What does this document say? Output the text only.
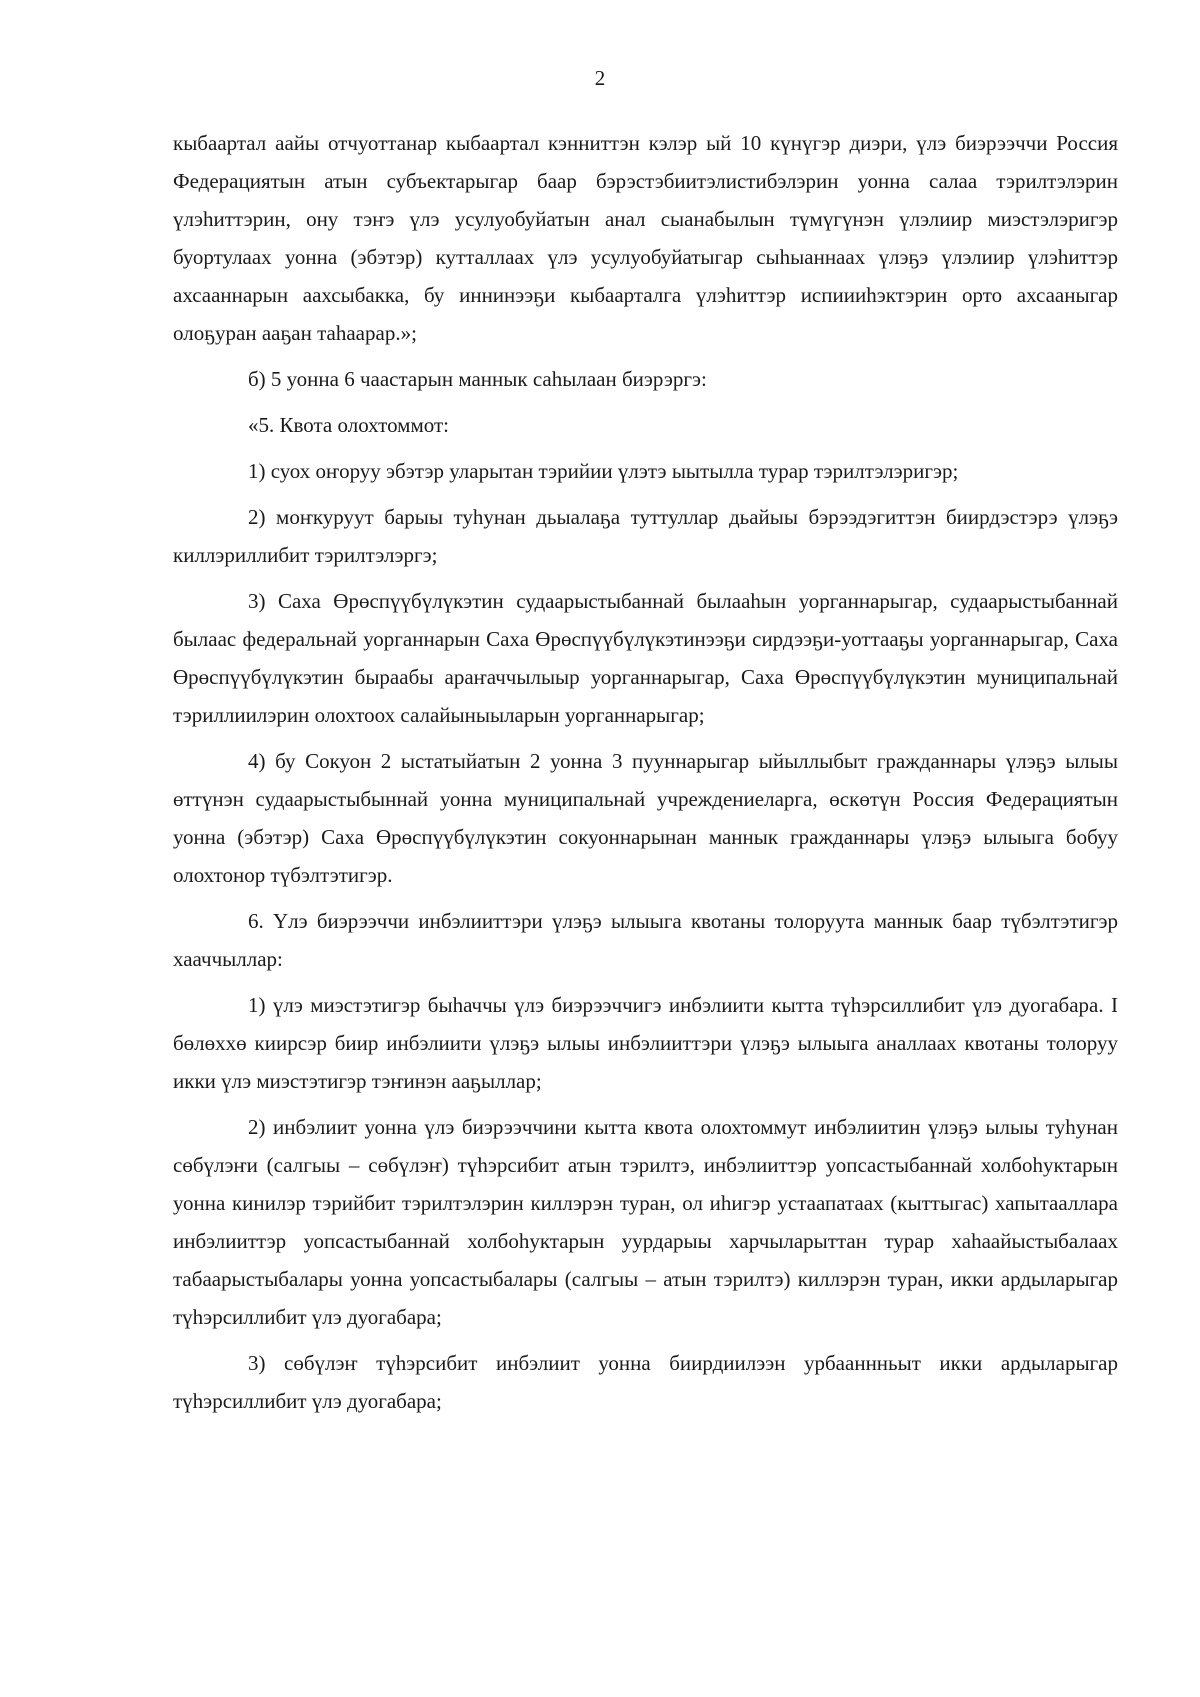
2

кыбаартал аайы отчуоттанар кыбаартал кэнниттэн кэлэр ый 10 күнүгэр диэри, үлэ биэрээччи Россия Федерациятын атын субъектарыгар баар бэрэстэбиитэлистибэлэрин уонна салаа тэрилтэлэрин үлэһиттэрин, ону тэҥэ үлэ усулуобуйатын анал сыанабылын түмүгүнэн үлэлиир миэстэлэригэр буортулаах уонна (эбэтэр) кутталлаах үлэ усулуобуйатыгар сыһыаннаах үлэҕэ үлэлиир үлэһиттэр ахсааннарын аахсыбакка, бу иннинээҕи кыбаарталга үлэһиттэр испиииһэктэрин орто ахсааныгар олоҕуран ааҕан таһаарар.»;

б) 5 уонна 6 чаастарын маннык саһылаан биэрэргэ:

«5. Квота олохтоммот:

1) суох оҥоруу эбэтэр уларытан тэрийии үлэтэ ыытылла турар тэрилтэлэригэр;

2) моҥкуруут барыы туһунан дьыалаҕа туттуллар дьайыы бэрээдэгиттэн биирдэстэрэ үлэҕэ киллэриллибит тэрилтэлэргэ;

3) Саха Өрөспүүбүлүкэтин судаарыстыбаннай былааһын уорганнарыгар, судаарыстыбаннай былаас федеральнай уорганнарын Саха Өрөспүүбүлүкэтинээҕи сирдээҕи-уоттааҕы уорганнарыгар, Саха Өрөспүүбүлүкэтин быраабы араҥаччылыыр уорганнарыгар, Саха Өрөспүүбүлүкэтин муниципальнай тэриллиилэрин олохтоох салайыныыларын уорганнарыгар;

4) бу Сокуон 2 ыстатыйатын 2 уонна 3 пууннарыгар ыйыллыбыт гражданнары үлэҕэ ылыы өттүнэн судаарыстыбыннай уонна муниципальнай учреждениеларга, өскөтүн Россия Федерациятын уонна (эбэтэр) Саха Өрөспүүбүлүкэтин сокуоннарынан маннык гражданнары үлэҕэ ылыыга бобуу олохтонор түбэлтэтигэр.

6. Үлэ биэрээччи инбэлииттэри үлэҕэ ылыыга квотаны толоруута маннык баар түбэлтэтигэр хааччыллар:

1) үлэ миэстэтигэр быһаччы үлэ биэрээччигэ инбэлиити кытта түһэрсиллибит үлэ дуогабара. I бөлөххө киирсэр биир инбэлиити үлэҕэ ылыы инбэлииттэри үлэҕэ ылыыга аналлаах квотаны толоруу икки үлэ миэстэтигэр тэҥинэн ааҕыллар;

2) инбэлиит уонна үлэ биэрээччини кытта квота олохтоммут инбэлиитин үлэҕэ ылыы туһунан сөбүлэҥи (салгыы – сөбүлэҥ) түһэрсибит атын тэрилтэ, инбэлииттэр уопсастыбаннай холбоһуктарын уонна кинилэр тэрийбит тэрилтэлэрин киллэрэн туран, ол иһигэр устаапатаах (кыттыгас) хапытааллара инбэлииттэр уопсастыбаннай холбоһуктарын уурдарыы харчыларыттан турар хаһаайыстыбалаах табаарыстыбалары уонна уопсастыбалары (салгыы – атын тэрилтэ) киллэрэн туран, икки ардыларыгар түһэрсиллибит үлэ дуогабара;

3) сөбүлэҥ түһэрсибит инбэлиит уонна биирдиилээн урбааннньыт икки ардыларыгар түһэрсиллибит үлэ дуогабара;
